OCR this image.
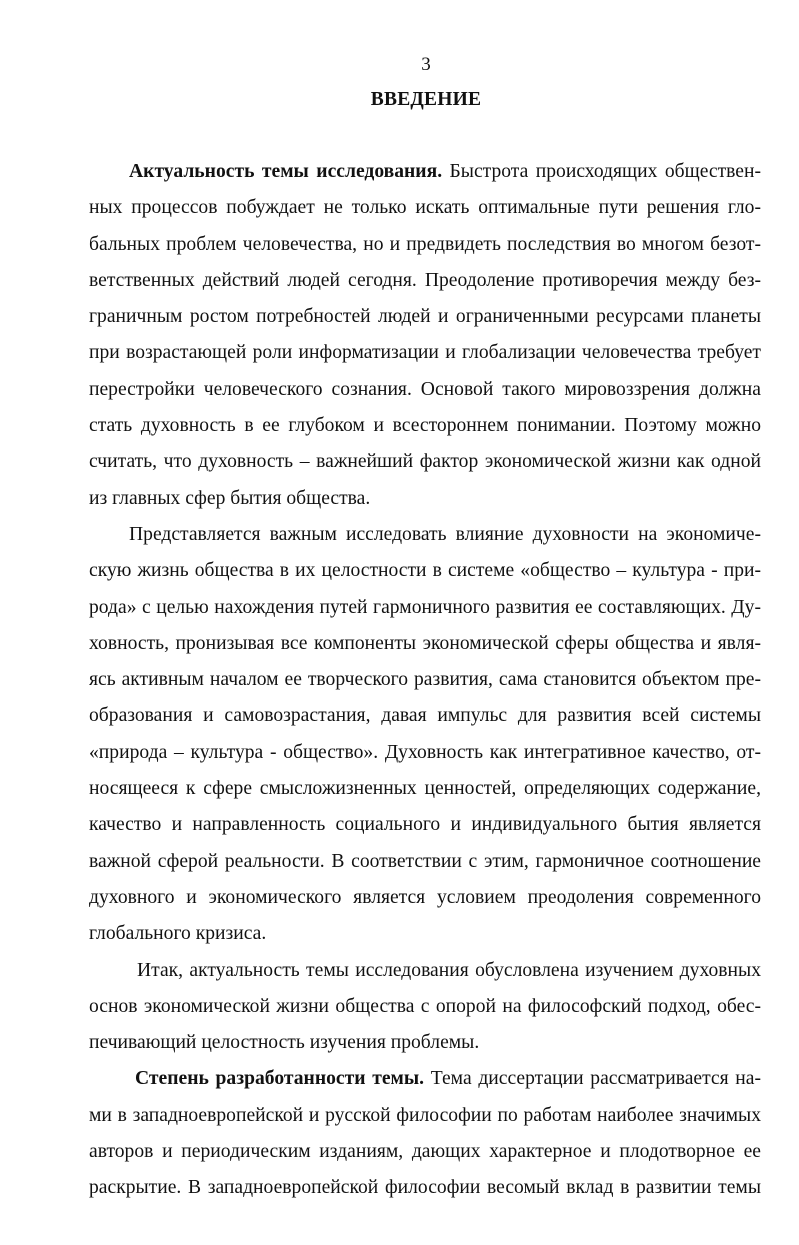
3
ВВЕДЕНИЕ
Актуальность темы исследования. Быстрота происходящих обществен-
ных процессов побуждает не только искать оптимальные пути решения гло-
бальных проблем человечества, но и предвидеть последствия во многом безот-
ветственных действий людей сегодня. Преодоление противоречия между без-
граничным ростом потребностей людей и ограниченными ресурсами планеты
при возрастающей роли информатизации и глобализации человечества требует
перестройки человеческого сознания. Основой такого мировоззрения должна
стать духовность в ее глубоком и всестороннем понимании. Поэтому можно
считать, что духовность – важнейший фактор экономической жизни как одной
из главных сфер бытия общества.
Представляется важным исследовать влияние духовности на экономиче-
скую жизнь общества в их целостности в системе «общество – культура - при-
рода» с целью нахождения путей гармоничного развития ее составляющих. Ду-
ховность, пронизывая все компоненты экономической сферы общества и явля-
ясь активным началом ее творческого развития, сама становится объектом пре-
образования и самовозрастания, давая импульс для развития всей системы
«природа – культура - общество». Духовность как интегративное качество, от-
носящееся к сфере смысложизненных ценностей, определяющих содержание,
качество и направленность социального и индивидуального бытия является
важной сферой реальности. В соответствии с этим, гармоничное соотношение
духовного и экономического является условием преодоления современного
глобального кризиса.
Итак, актуальность темы исследования обусловлена изучением духовных
основ экономической жизни общества с опорой на философский подход, обес-
печивающий целостность изучения проблемы.
Степень разработанности темы. Тема диссертации рассматривается на-
ми в западноевропейской и русской философии по работам наиболее значимых
авторов и периодическим изданиям, дающих характерное и плодотворное ее
раскрытие. В западноевропейской философии весомый вклад в развитии темы
